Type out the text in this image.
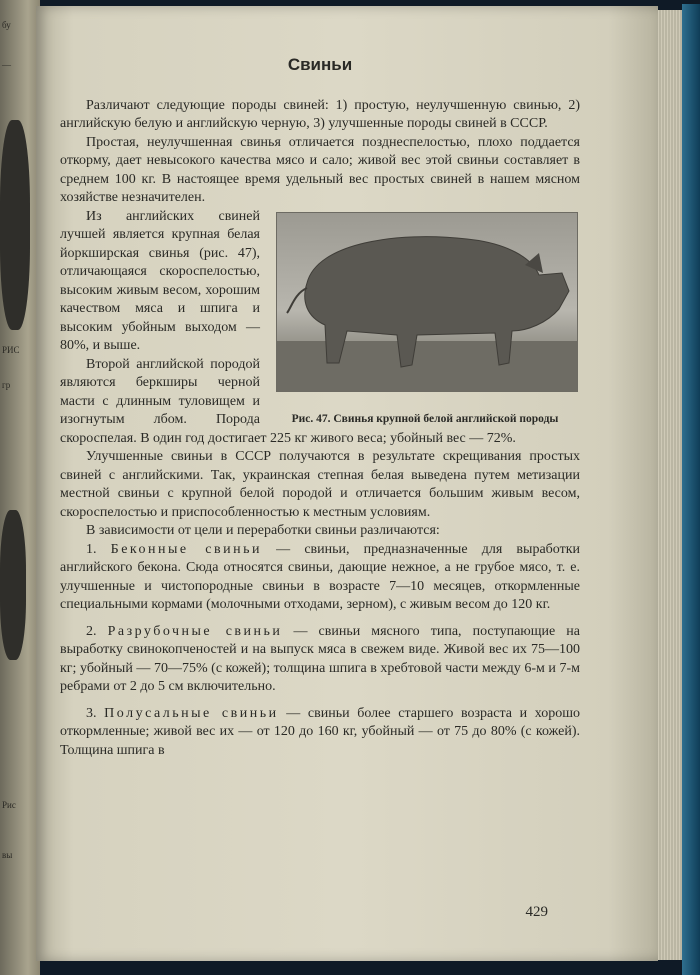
бу
—
РИС
гр
Рис
вы
Свиньи

Различают следующие породы свиней: 1) простую, неулучшенную свинью, 2) английскую белую и английскую черную, 3) улучшенные породы свиней в СССР.

Простая, неулучшенная свинья отличается позднеспелостью, плохо поддается откорму, дает невысокого качества мясо и сало; живой вес этой свиньи составляет в среднем 100 кг. В настоящее время удельный вес простых свиней в нашем мясном хозяйстве незначителен.

Рис. 47. Свинья крупной белой английской породы

Из английских свиней лучшей является крупная белая йоркширская свинья (рис. 47), отличающаяся скороспелостью, высоким живым весом, хорошим качеством мяса и шпига и высоким убойным выходом — 80%, и выше.

Второй английской породой являются беркширы черной масти с длинным туловищем и изогнутым лбом. Порода скороспелая. В один год достигает 225 кг живого веса; убойный вес — 72%.

Улучшенные свиньи в СССР получаются в результате скрещивания простых свиней с английскими. Так, украинская степная белая выведена путем метизации местной свиньи с крупной белой породой и отличается большим живым весом, скороспелостью и приспособленностью к местным условиям.

В зависимости от цели и переработки свиньи различаются:

1. Беконные свиньи — свиньи, предназначенные для выработки английского бекона. Сюда относятся свиньи, дающие нежное, а не грубое мясо, т. е. улучшенные и чистопородные свиньи в возрасте 7—10 месяцев, откормленные специальными кормами (молочными отходами, зерном), с живым весом до 120 кг.

2. Разрубочные свиньи — свиньи мясного типа, поступающие на выработку свинокопченостей и на выпуск мяса в свежем виде. Живой вес их 75—100 кг; убойный — 70—75% (с кожей); толщина шпига в хребтовой части между 6-м и 7-м ребрами от 2 до 5 см включительно.

3. Полусальные свиньи — свиньи более старшего возраста и хорошо откормленные; живой вес их — от 120 до 160 кг, убойный — от 75 до 80% (с кожей). Толщина шпига в

429
